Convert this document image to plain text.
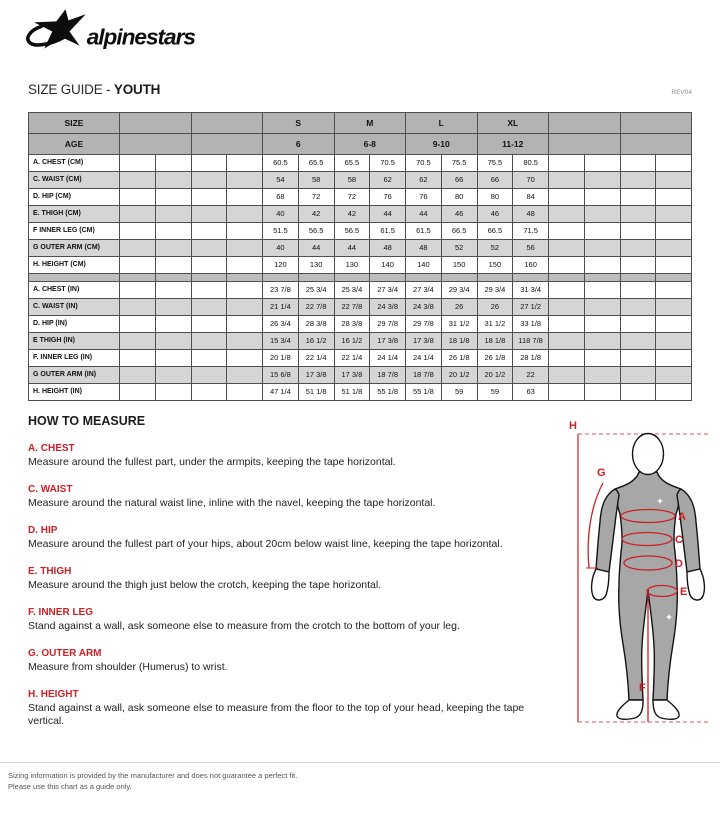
alpinestars
SIZE GUIDE - YOUTH	REV04
SIZE					S		M		L		XL					
AGE					6		6-8		9-10		11-12					
A. CHEST (CM)					60.5	65.5	65.5	70.5	70.5	75.5	75.5	80.5				
C. WAIST (CM)					54	58	58	62	62	66	66	70				
D. HIP (CM)					68	72	72	76	76	80	80	84				
E. THIGH (CM)					40	42	42	44	44	46	46	48				
F INNER LEG (CM)					51.5	56.5	56.5	61.5	61.5	66.5	66.5	71.5				
G OUTER ARM (CM)					40	44	44	48	48	52	52	56				
H. HEIGHT (CM)					120	130	130	140	140	150	150	160				

A. CHEST (IN)					23 7/8	25 3/4	25 3/4	27 3/4	27 3/4	29 3/4	29 3/4	31 3/4				
C. WAIST (IN)					21 1/4	22 7/8	22 7/8	24 3/8	24 3/8	26	26	27 1/2				
D. HIP (IN)					26 3/4	28 3/8	28 3/8	29 7/8	29 7/8	31 1/2	31 1/2	33 1/8				
E THIGH (IN)					15 3/4	16 1/2	16 1/2	17 3/8	17 3/8	18 1/8	18 1/8	118 7/8				
F. INNER LEG (IN)					20 1/8	22 1/4	22 1/4	24 1/4	24 1/4	26 1/8	26 1/8	28 1/8				
G OUTER ARM (IN)					15 6/8	17 3/8	17 3/8	18 7/8	18 7/8	20 1/2	20 1/2	22				
H. HEIGHT (IN)					47 1/4	51 1/8	51 1/8	55 1/8	55 1/8	59	59	63				
HOW TO MEASURE
A. CHEST
Measure around the fullest part, under the armpits, keeping the tape horizontal.
C. WAIST
Measure around the natural waist line, inline with the navel, keeping the tape horizontal.
D. HIP
Measure around the fullest part of your hips, about 20cm below waist line, keeping the tape horizontal.
E. THIGH
Measure around the thigh just below the crotch, keeping the tape horizontal.
F. INNER LEG
Stand against a wall, ask someone else to measure from the crotch to the bottom of your leg.
G. OUTER ARM
Measure from shoulder (Humerus) to wrist.
H. HEIGHT
Stand against a wall, ask someone else to measure from the floor to the top of your head, keeping the tape vertical.
H
G
A
C
D
E
F
Sizing information is provided by the manufacturer and does not guarantee a perfect fit.
Please use this chart as a guide only.
